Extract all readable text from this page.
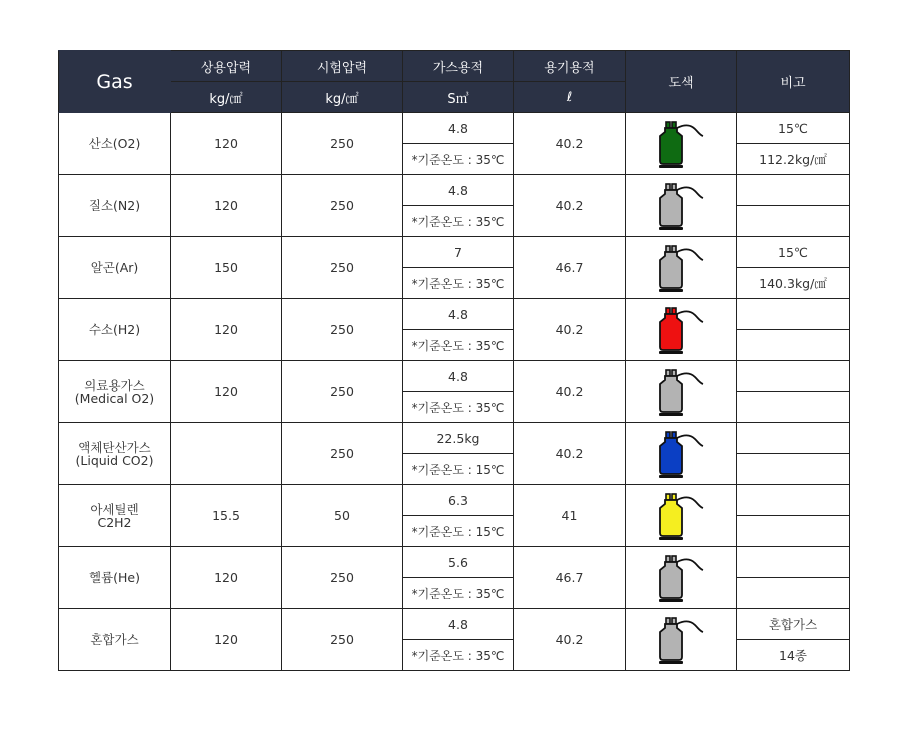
Gas	상용압력	시험압력	가스용적	용기용적	도색	비고
	kg/㎠	kg/㎠	S㎥	ℓ		

산소(O2)	120	250	4.8	40.2		15℃
			*기준온도 : 35℃			112.2kg/㎠

질소(N2)	120	250	4.8	40.2	

			*기준온도 : 35℃			

알곤(Ar)	150	250	7	46.7		15℃
			*기준온도 : 35℃			140.3kg/㎠

수소(H2)	120	250	4.8	40.2	

			*기준온도 : 35℃			

의료용가스
(Medical O2)	120	250	4.8	40.2	

			*기준온도 : 35℃			

액체탄산가스
(Liquid CO2)		250	22.5kg	40.2	

			*기준온도 : 15℃			

아세틸렌
C2H2	15.5	50	6.3	41	

			*기준온도 : 15℃			

헬륨(He)	120	250	5.6	46.7	

			*기준온도 : 35℃			

혼합가스	120	250	4.8	40.2		혼합가스
			*기준온도 : 35℃			14종
